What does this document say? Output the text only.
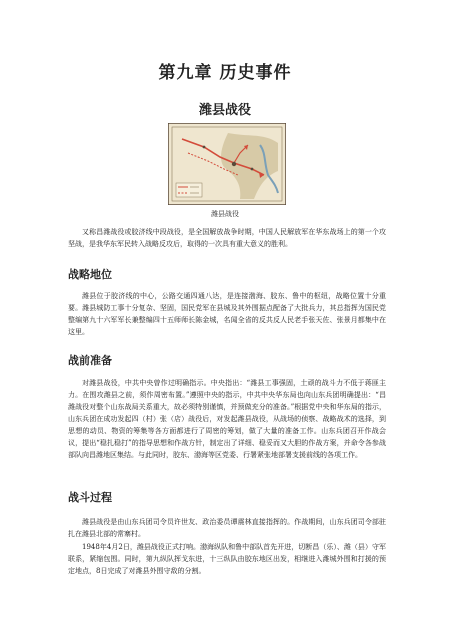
第九章 历史事件
潍县战役
潍县战役

又称昌潍战役或胶济线中段战役，是全国解放战争时期，中国人民解放军在华东战场上的第一个攻坚战，是我华东军民转入战略反攻后，取得的一次具有重大意义的胜利。

战略地位

潍县位于胶济线的中心，公路交通四通八达，是连接渤海、胶东、鲁中的枢纽，战略位置十分重要。潍县城防工事十分复杂、坚固，国民党军在县城及其外围据点配备了大批兵力，其总指挥为国民党整编第九十六军军长兼整编四十五师师长陈金城，名闻全省的反共反人民老手张天佐、张景月都集中在这里。

战前准备

对潍县战役，中共中央曾作过明确指示。中央指出：“潍县工事强固，土顽的战斗力不低于蒋匪主力。在围攻潍县之前，须作周密布置。”遵照中央的指示，中共中央华东局也向山东兵团明确提出：“昌潍战役对整个山东战局关系重大，故必须特别谨慎，并预做充分的准备。”根据党中央和华东局的指示，山东兵团在成功发起四（村）张（店）战役后，对发起潍县战役，从战场的侦察、战略战术的选择，到思想的动员、物资的筹集等各方面都进行了周密的筹划，做了大量的准备工作。山东兵团召开作战会议，提出“稳扎稳打”的指导思想和作战方针，制定出了详细、稳妥而又大胆的作战方案，并命令各参战部队向昌潍地区集结。与此同时，胶东、渤海等区党委、行署紧张地部署支援前线的各项工作。

战斗过程

潍县战役是由山东兵团司令员许世友、政治委员谭震林直接指挥的。作战期间，山东兵团司令部驻扎在潍县北部的常寨村。

1948年4月2日，潍县战役正式打响。渤海纵队和鲁中部队首先开进，切断昌（乐）、潍（县）守军联系，紧缩包围。同时，第九纵队挥戈东进，十三纵队由胶东地区出发，相继进入潍城外围和打援的预定地点，8日完成了对潍县外围守敌的分割。
